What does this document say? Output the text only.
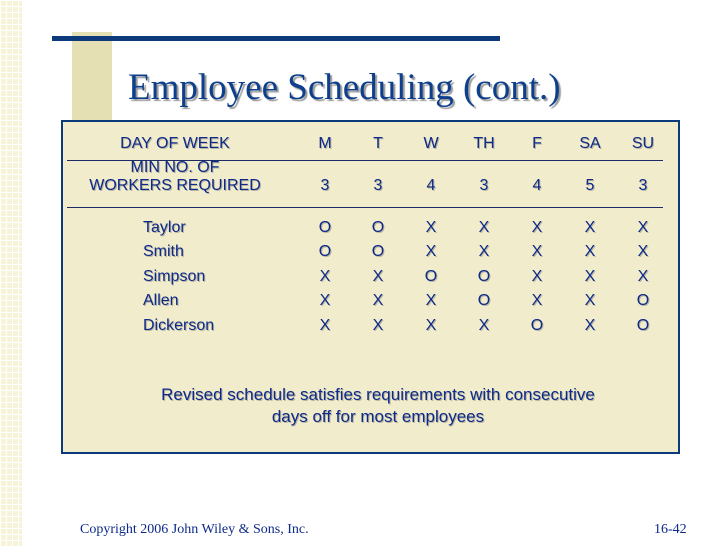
Employee Scheduling (cont.)
DAY OF WEEK	M	T	W TH F SA SU
MIN NO. OF
WORKERS REQUIRED	3	3	4	3	4	5	3
Taylor	O	O	X	X	X	X	X
Smith	O	O	X	X	X	X	X
Simpson	X	X	O	O	X	X	X
Allen	X	X	X	O	X	X	O
Dickerson	X	X	X	X	O	X	O

Revised schedule satisfies requirements with consecutive
days off for most employees

Copyright 2006 John Wiley & Sons, Inc.	16-42
